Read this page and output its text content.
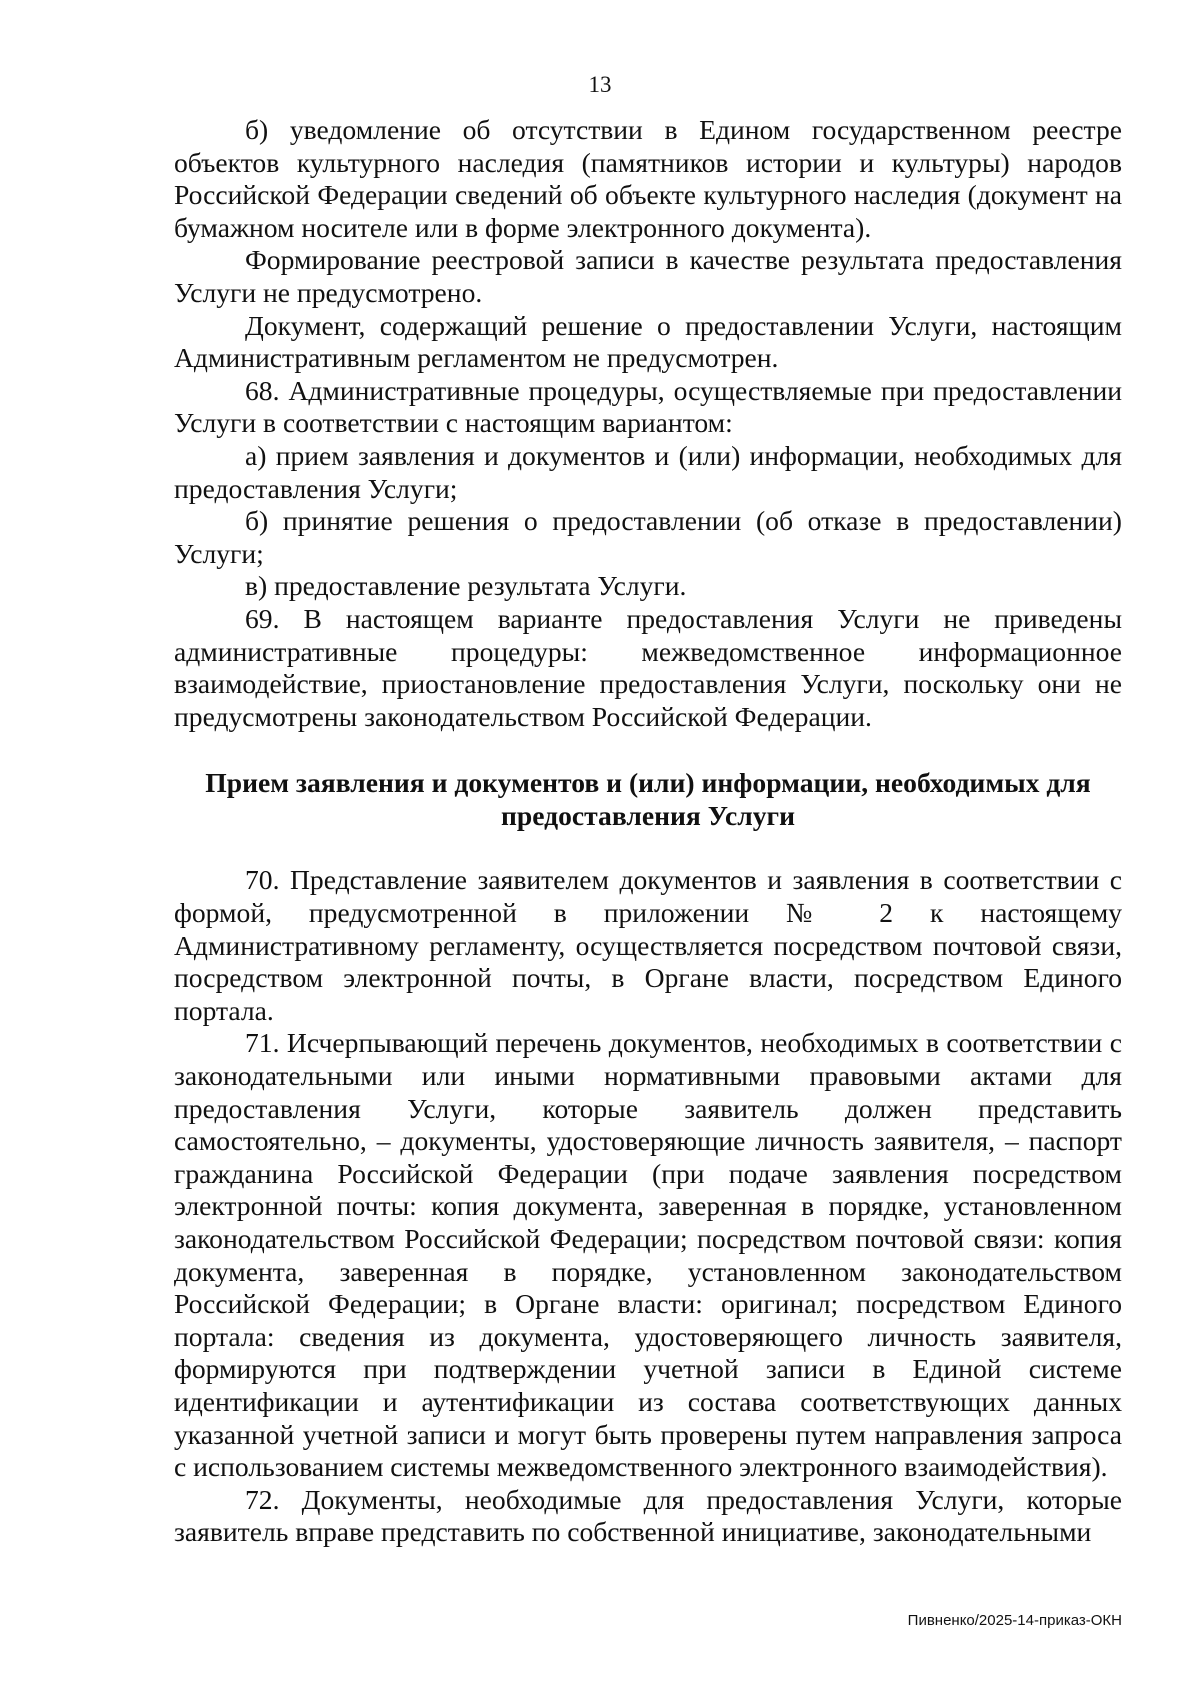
13

б) уведомление об отсутствии в Едином государственном реестре объектов культурного наследия (памятников истории и культуры) народов Российской Федерации сведений об объекте культурного наследия (документ на бумажном носителе или в форме электронного документа).

Формирование реестровой записи в качестве результата предоставления Услуги не предусмотрено.

Документ, содержащий решение о предоставлении Услуги, настоящим Административным регламентом не предусмотрен.

68. Административные процедуры, осуществляемые при предоставлении Услуги в соответствии с настоящим вариантом:

а) прием заявления и документов и (или) информации, необходимых для предоставления Услуги;

б) принятие решения о предоставлении (об отказе в предоставлении) Услуги;

в) предоставление результата Услуги.

69. В настоящем варианте предоставления Услуги не приведены административные процедуры: межведомственное информационное взаимодействие, приостановление предоставления Услуги, поскольку они не предусмотрены законодательством Российской Федерации.

Прием заявления и документов и (или) информации, необходимых для предоставления Услуги

70. Представление заявителем документов и заявления в соответствии с формой, предусмотренной в приложении № 2 к настоящему Административному регламенту, осуществляется посредством почтовой связи, посредством электронной почты, в Органе власти, посредством Единого портала.

71. Исчерпывающий перечень документов, необходимых в соответствии с законодательными или иными нормативными правовыми актами для предоставления Услуги, которые заявитель должен представить самостоятельно, – документы, удостоверяющие личность заявителя, – паспорт гражданина Российской Федерации (при подаче заявления посредством электронной почты: копия документа, заверенная в порядке, установленном законодательством Российской Федерации; посредством почтовой связи: копия документа, заверенная в порядке, установленном законодательством Российской Федерации; в Органе власти: оригинал; посредством Единого портала: сведения из документа, удостоверяющего личность заявителя, формируются при подтверждении учетной записи в Единой системе идентификации и аутентификации из состава соответствующих данных указанной учетной записи и могут быть проверены путем направления запроса с использованием системы межведомственного электронного взаимодействия).

72. Документы, необходимые для предоставления Услуги, которые заявитель вправе представить по собственной инициативе, законодательными

Пивненко/2025-14-приказ-ОКН
